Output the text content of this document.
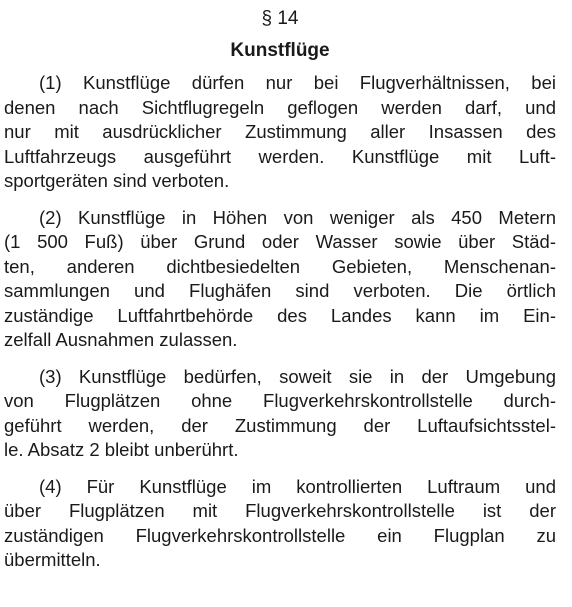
§ 14
Kunstflüge
(1) Kunstflüge dürfen nur bei Flugverhältnissen, bei
denen nach Sichtflugregeln geflogen werden darf, und
nur mit ausdrücklicher Zustimmung aller Insassen des
Luftfahrzeugs ausgeführt werden. Kunstflüge mit Luft-
sportgeräten sind verboten.
(2) Kunstflüge in Höhen von weniger als 450 Metern
(1 500 Fuß) über Grund oder Wasser sowie über Städ-
ten, anderen dichtbesiedelten Gebieten, Menschenan-
sammlungen und Flughäfen sind verboten. Die örtlich
zuständige Luftfahrtbehörde des Landes kann im Ein-
zelfall Ausnahmen zulassen.
(3) Kunstflüge bedürfen, soweit sie in der Umgebung
von Flugplätzen ohne Flugverkehrskontrollstelle durch-
geführt werden, der Zustimmung der Luftaufsichtsstel-
le. Absatz 2 bleibt unberührt.
(4) Für Kunstflüge im kontrollierten Luftraum und
über Flugplätzen mit Flugverkehrskontrollstelle ist der
zuständigen Flugverkehrskontrollstelle ein Flugplan zu
übermitteln.
